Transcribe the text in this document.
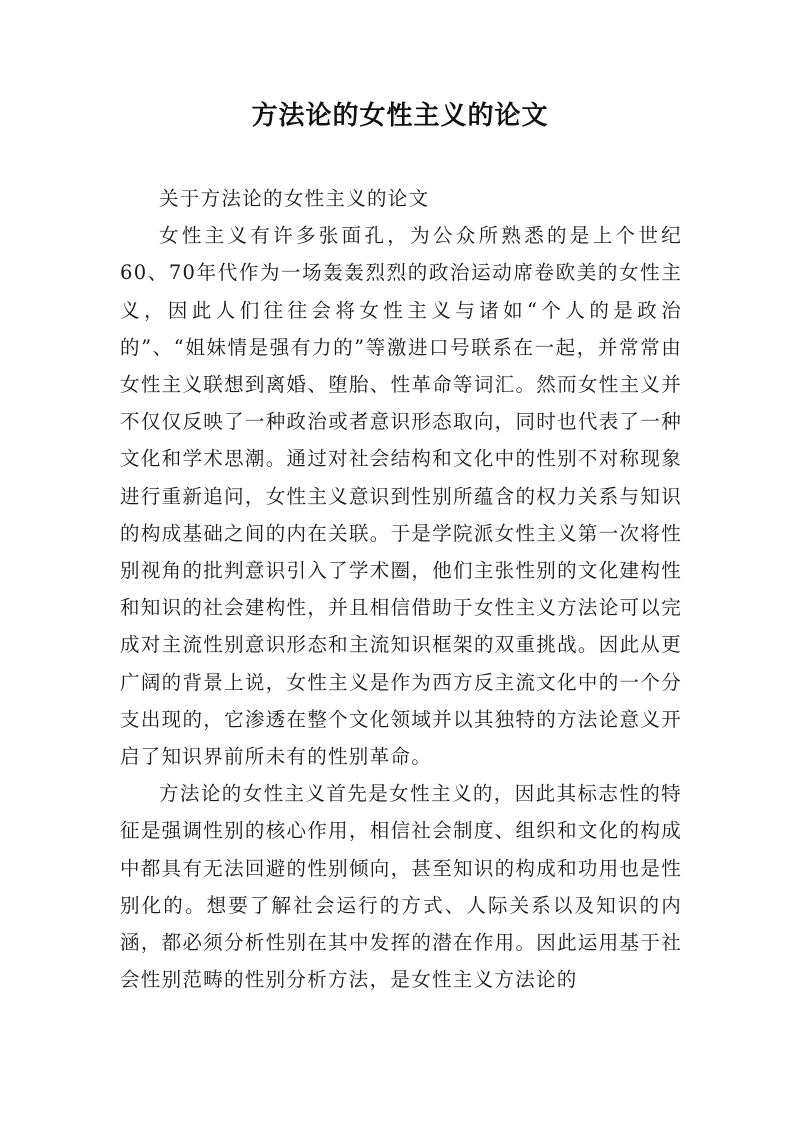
方法论的女性主义的论文

关于方法论的女性主义的论文

女性主义有许多张面孔，为公众所熟悉的是上个世纪60、70年代作为一场轰轰烈烈的政治运动席卷欧美的女性主义，因此人们往往会将女性主义与诸如“个人的是政治的”、“姐妹情是强有力的”等激进口号联系在一起，并常常由女性主义联想到离婚、堕胎、性革命等词汇。然而女性主义并不仅仅反映了一种政治或者意识形态取向，同时也代表了一种文化和学术思潮。通过对社会结构和文化中的性别不对称现象进行重新追问，女性主义意识到性别所蕴含的权力关系与知识的构成基础之间的内在关联。于是学院派女性主义第一次将性别视角的批判意识引入了学术圈，他们主张性别的文化建构性和知识的社会建构性，并且相信借助于女性主义方法论可以完成对主流性别意识形态和主流知识框架的双重挑战。因此从更广阔的背景上说，女性主义是作为西方反主流文化中的一个分支出现的，它渗透在整个文化领域并以其独特的方法论意义开启了知识界前所未有的性别革命。

方法论的女性主义首先是女性主义的，因此其标志性的特征是强调性别的核心作用，相信社会制度、组织和文化的构成中都具有无法回避的性别倾向，甚至知识的构成和功用也是性别化的。想要了解社会运行的方式、人际关系以及知识的内涵，都必须分析性别在其中发挥的潜在作用。因此运用基于社会性别范畴的性别分析方法，是女性主义方法论的
